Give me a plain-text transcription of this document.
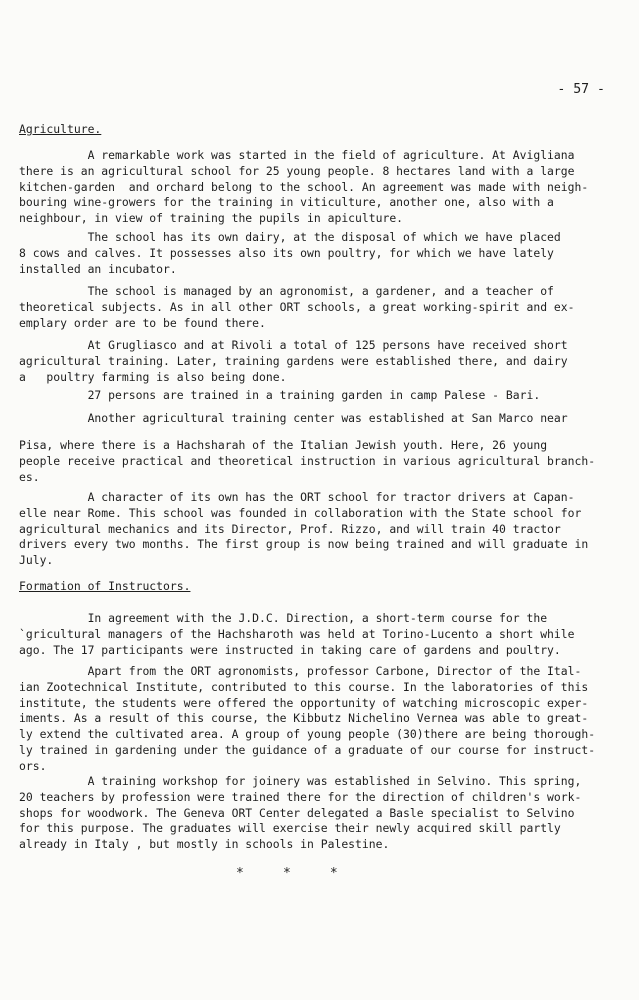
- 57 -
Agriculture.
A remarkable work was started in the field of agriculture. At Avigliana
there is an agricultural school for 25 young people. 8 hectares land with a large
kitchen-garden  and orchard belong to the school. An agreement was made with neigh-
bouring wine-growers for the training in viticulture, another one, also with a
neighbour, in view of training the pupils in apiculture.
The school has its own dairy, at the disposal of which we have placed
8 cows and calves. It possesses also its own poultry, for which we have lately
installed an incubator.
The school is managed by an agronomist, a gardener, and a teacher of
theoretical subjects. As in all other ORT schools, a great working-spirit and ex-
emplary order are to be found there.
At Grugliasco and at Rivoli a total of 125 persons have received short
agricultural training. Later, training gardens were established there, and dairy
a   poultry farming is also being done.
27 persons are trained in a training garden in camp Palese - Bari.
Another agricultural training center was established at San Marco near
Pisa, where there is a Hachsharah of the Italian Jewish youth. Here, 26 young
people receive practical and theoretical instruction in various agricultural branch-
es.
A character of its own has the ORT school for tractor drivers at Capan-
elle near Rome. This school was founded in collaboration with the State school for
agricultural mechanics and its Director, Prof. Rizzo, and will train 40 tractor
drivers every two months. The first group is now being trained and will graduate in
July.
Formation of Instructors.
In agreement with the J.D.C. Direction, a short-term course for the
`gricultural managers of the Hachsharoth was held at Torino-Lucento a short while
ago. The 17 participants were instructed in taking care of gardens and poultry.
Apart from the ORT agronomists, professor Carbone, Director of the Ital-
ian Zootechnical Institute, contributed to this course. In the laboratories of this
institute, the students were offered the opportunity of watching microscopic exper-
iments. As a result of this course, the Kibbutz Nichelino Vernea was able to great-
ly extend the cultivated area. A group of young people (30)there are being thorough-
ly trained in gardening under the guidance of a graduate of our course for instruct-
ors.
A training workshop for joinery was established in Selvino. This spring,
20 teachers by profession were trained there for the direction of children's work-
shops for woodwork. The Geneva ORT Center delegated a Basle specialist to Selvino
for this purpose. The graduates will exercise their newly acquired skill partly
already in Italy , but mostly in schools in Palestine.
*     *     *
